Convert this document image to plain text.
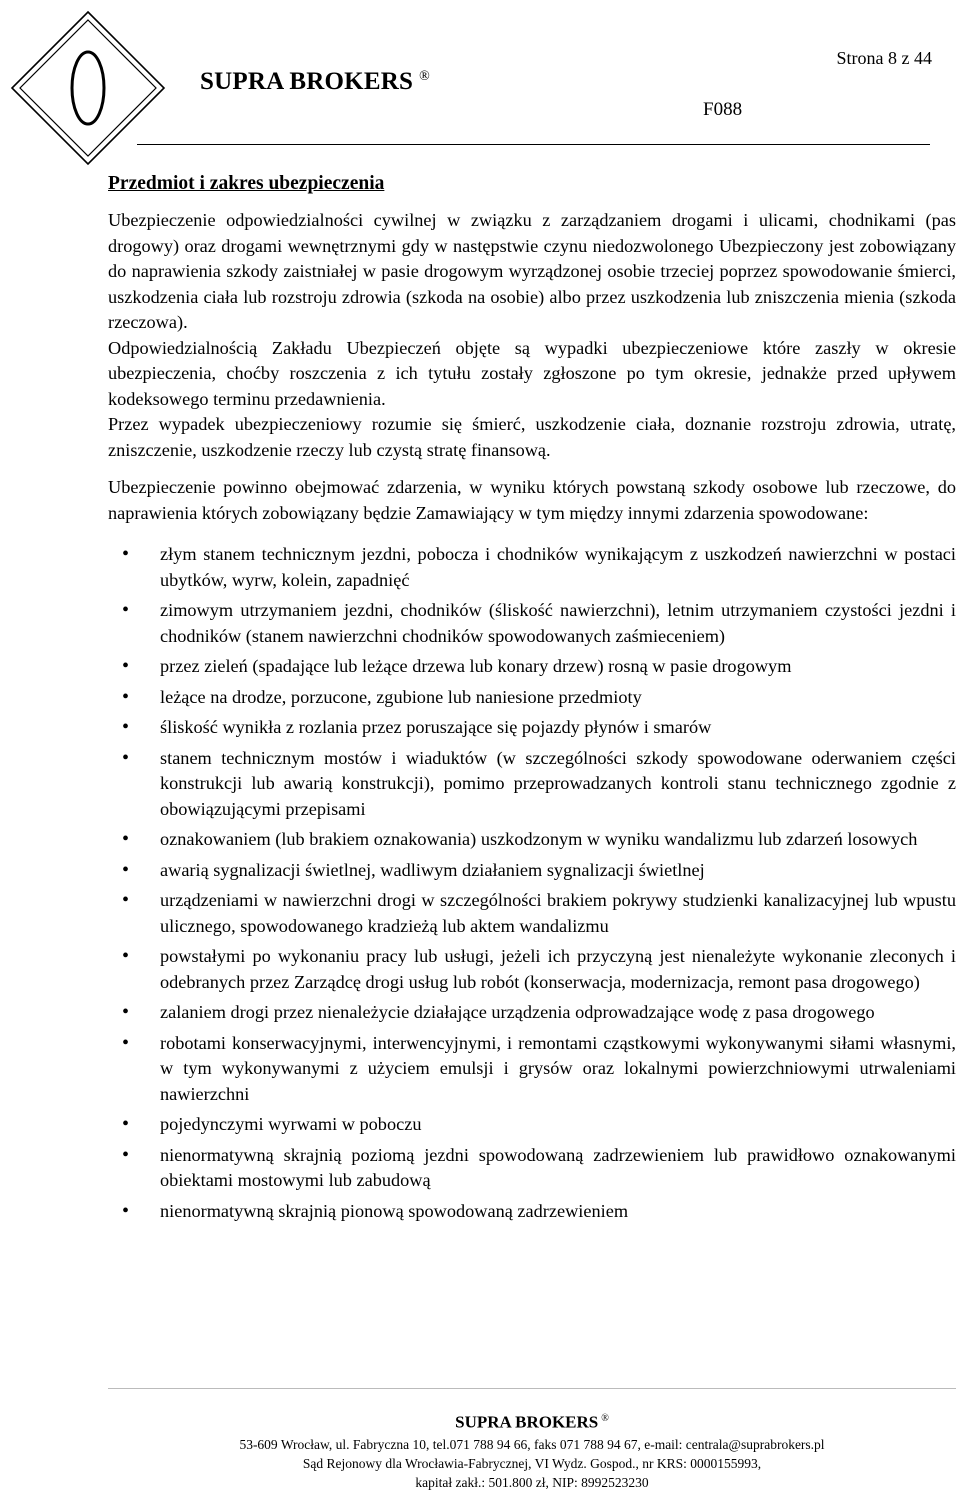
SUPRA BROKERS ®
Strona 8 z 44
F088
Przedmiot i zakres ubezpieczenia

Ubezpieczenie odpowiedzialności cywilnej w związku z zarządzaniem drogami i ulicami, chodnikami (pas drogowy) oraz drogami wewnętrznymi gdy w następstwie czynu niedozwolonego Ubezpieczony jest zobowiązany do naprawienia szkody zaistniałej w pasie drogowym wyrządzonej osobie trzeciej poprzez spowodowanie śmierci, uszkodzenia ciała lub rozstroju zdrowia (szkoda na osobie) albo przez uszkodzenia lub zniszczenia mienia (szkoda rzeczowa).

Odpowiedzialnością Zakładu Ubezpieczeń objęte są wypadki ubezpieczeniowe które zaszły w okresie ubezpieczenia, choćby roszczenia z ich tytułu zostały zgłoszone po tym okresie, jednakże przed upływem kodeksowego terminu przedawnienia.

Przez wypadek ubezpieczeniowy rozumie się śmierć, uszkodzenie ciała, doznanie rozstroju zdrowia, utratę, zniszczenie, uszkodzenie rzeczy lub czystą stratę finansową.

Ubezpieczenie powinno obejmować zdarzenia, w wyniku których powstaną szkody osobowe lub rzeczowe, do naprawienia których zobowiązany będzie Zamawiający w tym między innymi zdarzenia spowodowane:

• złym stanem technicznym jezdni, pobocza i chodników wynikającym z uszkodzeń nawierzchni w postaci ubytków, wyrw, kolein, zapadnięć
• zimowym utrzymaniem jezdni, chodników (śliskość nawierzchni), letnim utrzymaniem czystości jezdni i chodników (stanem nawierzchni chodników spowodowanych zaśmieceniem)
• przez zieleń (spadające lub leżące drzewa lub konary drzew) rosną w pasie drogowym
• leżące na drodze, porzucone, zgubione lub naniesione przedmioty
• śliskość wynikła z rozlania przez poruszające się pojazdy płynów i smarów
• stanem technicznym mostów i wiaduktów (w szczególności szkody spowodowane oderwaniem części konstrukcji lub awarią konstrukcji), pomimo przeprowadzanych kontroli stanu technicznego zgodnie z obowiązującymi przepisami
• oznakowaniem (lub brakiem oznakowania) uszkodzonym w wyniku wandalizmu lub zdarzeń losowych
• awarią sygnalizacji świetlnej, wadliwym działaniem sygnalizacji świetlnej
• urządzeniami w nawierzchni drogi w szczególności brakiem pokrywy studzienki kanalizacyjnej lub wpustu ulicznego, spowodowanego kradzieżą lub aktem wandalizmu
• powstałymi po wykonaniu pracy lub usługi, jeżeli ich przyczyną jest nienależyte wykonanie zleconych i odebranych przez Zarządcę drogi usług lub robót (konserwacja, modernizacja, remont pasa drogowego)
• zalaniem drogi przez nienależycie działające urządzenia odprowadzające wodę z pasa drogowego
• robotami konserwacyjnymi, interwencyjnymi, i remontami cząstkowymi wykonywanymi siłami własnymi, w tym wykonywanymi z użyciem emulsji i grysów oraz lokalnymi powierzchniowymi utrwaleniami nawierzchni
• pojedynczymi wyrwami w poboczu
• nienormatywną skrajnią poziomą jezdni spowodowaną zadrzewieniem lub prawidłowo oznakowanymi obiektami mostowymi lub zabudową
• nienormatywną skrajnią pionową spowodowaną zadrzewieniem
SUPRA BROKERS ®
53-609 Wrocław, ul. Fabryczna 10, tel.071 788 94 66, faks 071 788 94 67, e-mail: centrala@suprabrokers.pl
Sąd Rejonowy dla Wrocławia-Fabrycznej, VI Wydz. Gospod., nr KRS: 0000155993,
kapitał zakł.: 501.800 zł, NIP: 8992523230
